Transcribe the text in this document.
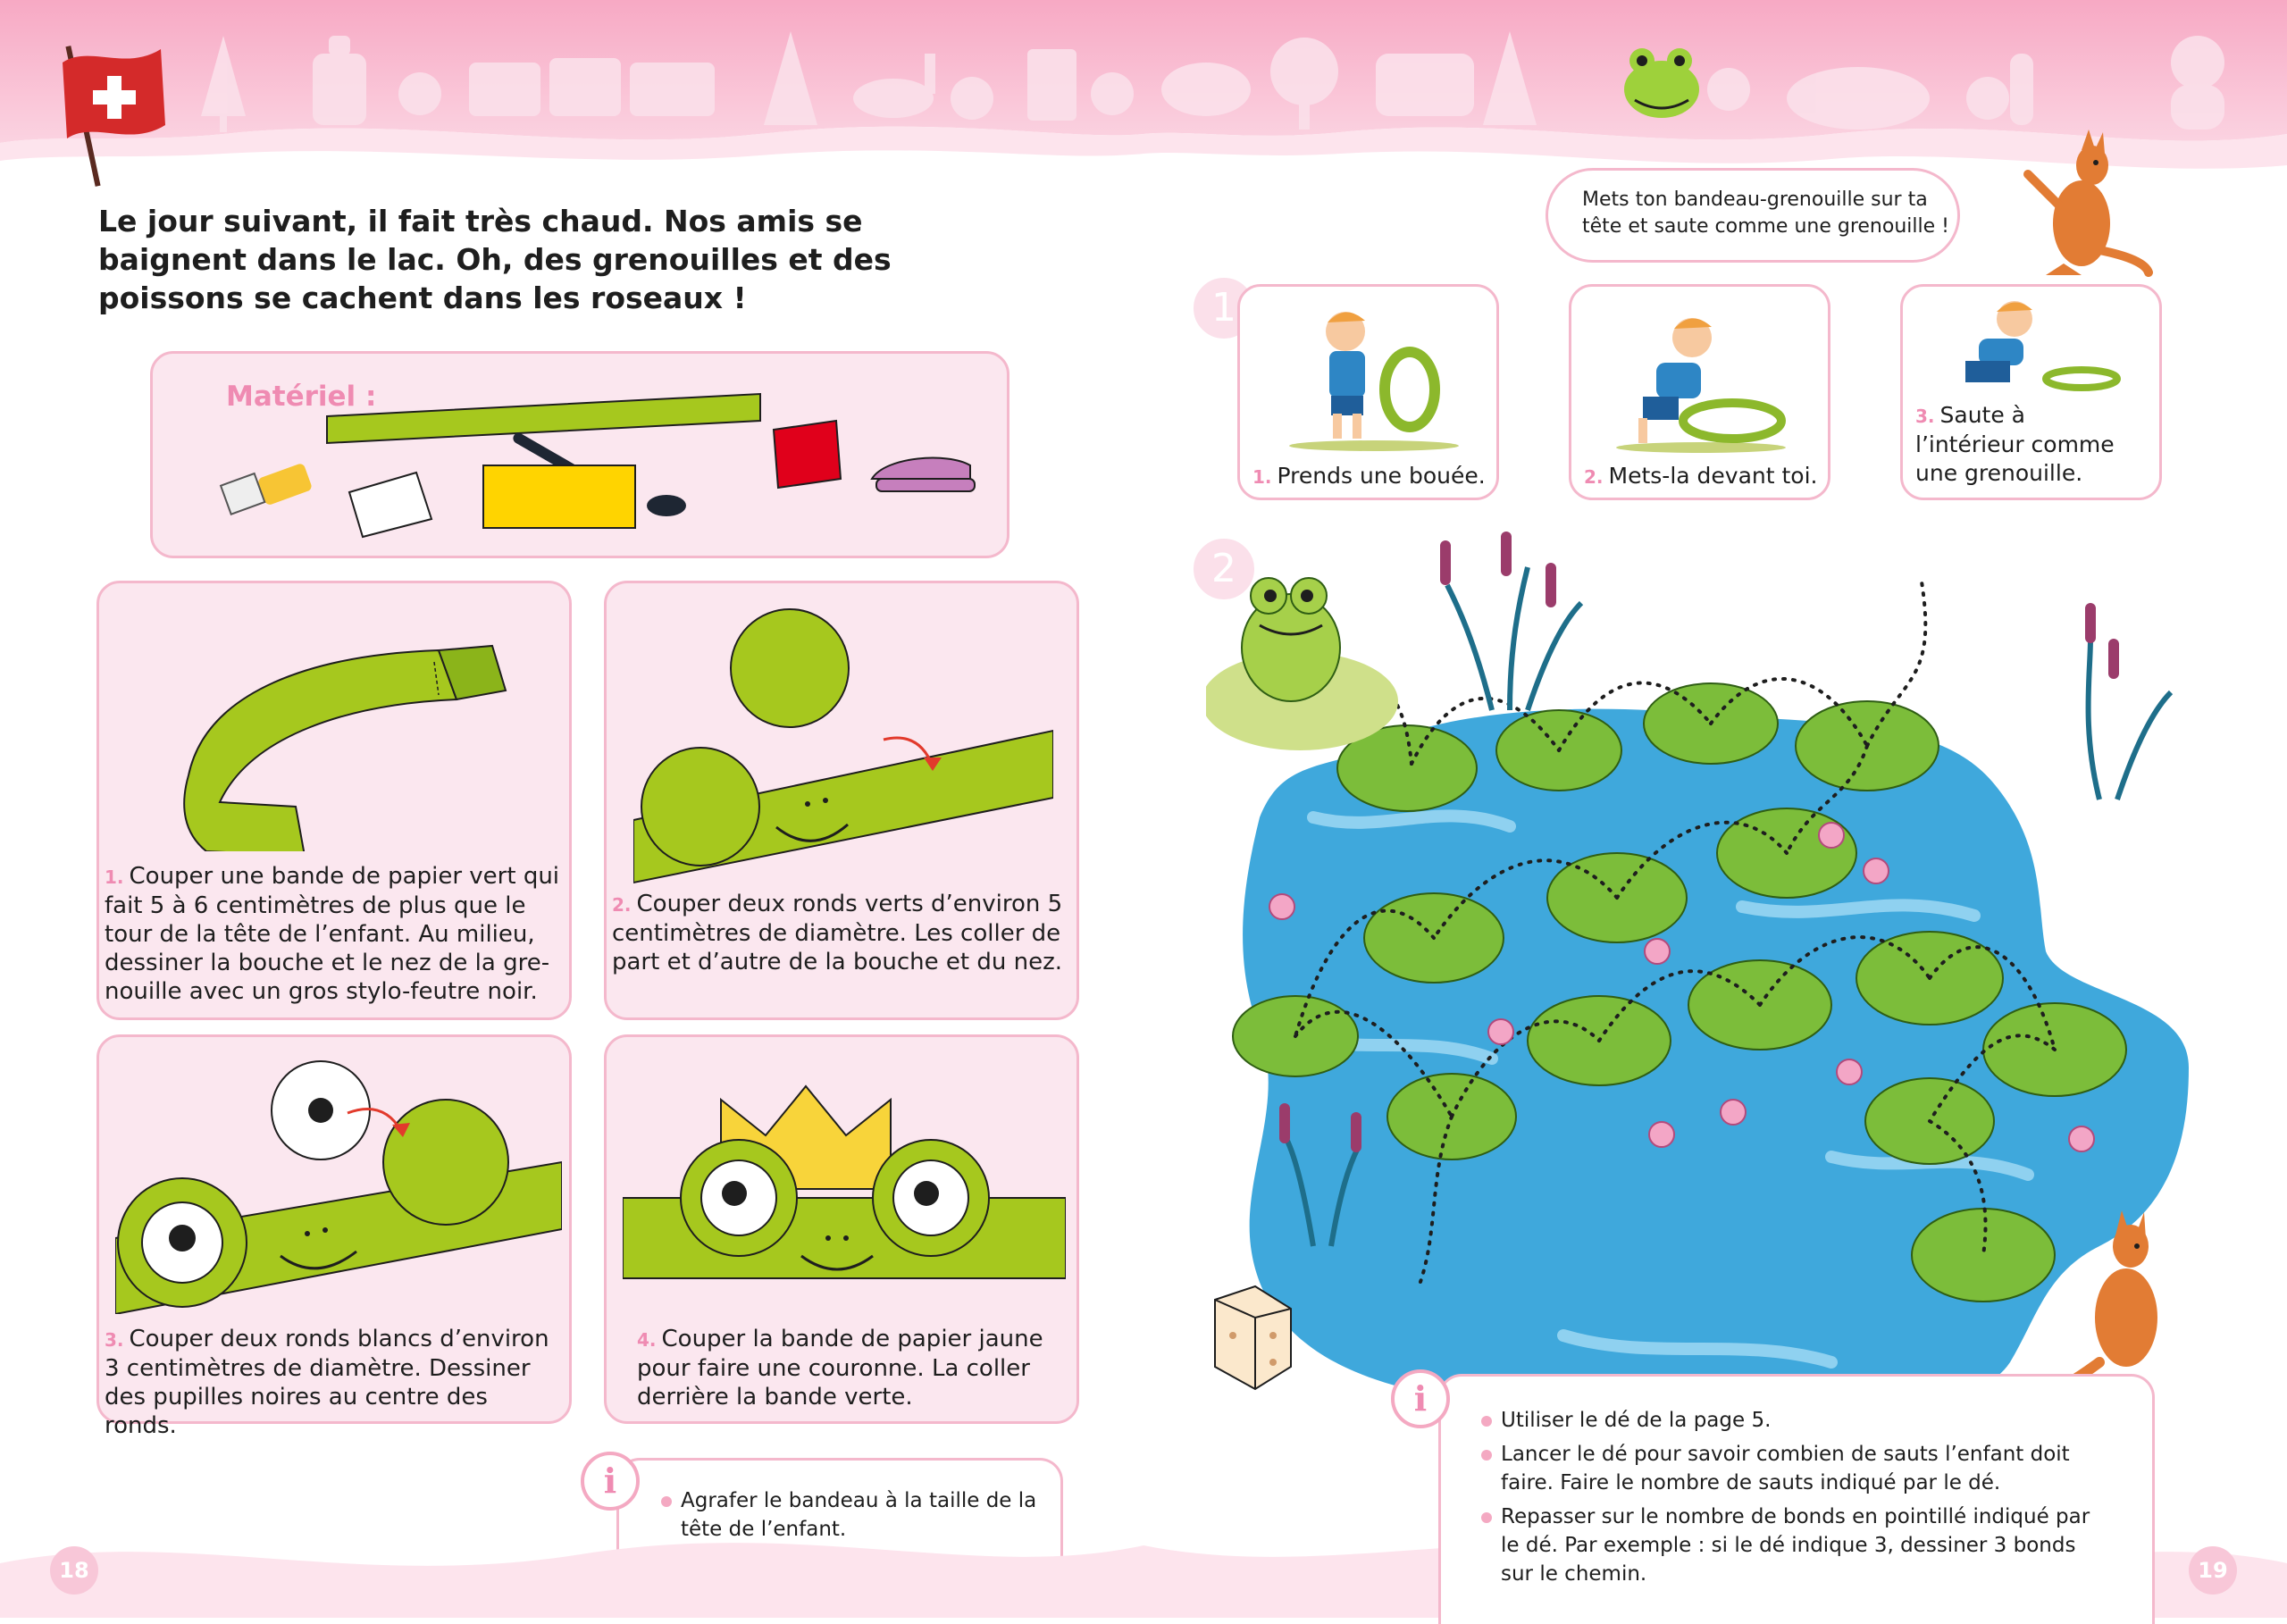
Le jour suivant, il fait très chaud. Nos amis se baignent dans le lac. Oh, des grenouilles et des poissons se cachent dans les roseaux !
Matériel :
1. Couper une bande de papier vert qui fait 5 à 6 centimètres de plus que le tour de la tête de l’enfant. Au milieu, dessiner la bouche et le nez de la gre-nouille avec un gros stylo-feutre noir.
2. Couper deux ronds verts d’environ 5 centimètres de diamètre. Les coller de part et d’autre de la bouche et du nez.
3. Couper deux ronds blancs d’environ 3 centimètres de diamètre. Dessiner des pupilles noires au centre des ronds.
4. Couper la bande de papier jaune pour faire une couronne. La coller derrière la bande verte.
i	Agrafer le bandeau à la taille de la tête de l’enfant.
18
Mets ton bandeau-grenouille sur ta tête et saute comme une grenouille !
1
1. Prends une bouée.	2. Mets-la devant toi.
3. Saute à l’intérieur comme une grenouille.
2
i
Utiliser le dé de la page 5.
Lancer le dé pour savoir combien de sauts l’enfant doit faire. Faire le nombre de sauts indiqué par le dé.
Repasser sur le nombre de bonds en pointillé indiqué par le dé. Par exemple : si le dé indique 3, dessiner 3 bonds sur le chemin.	19
